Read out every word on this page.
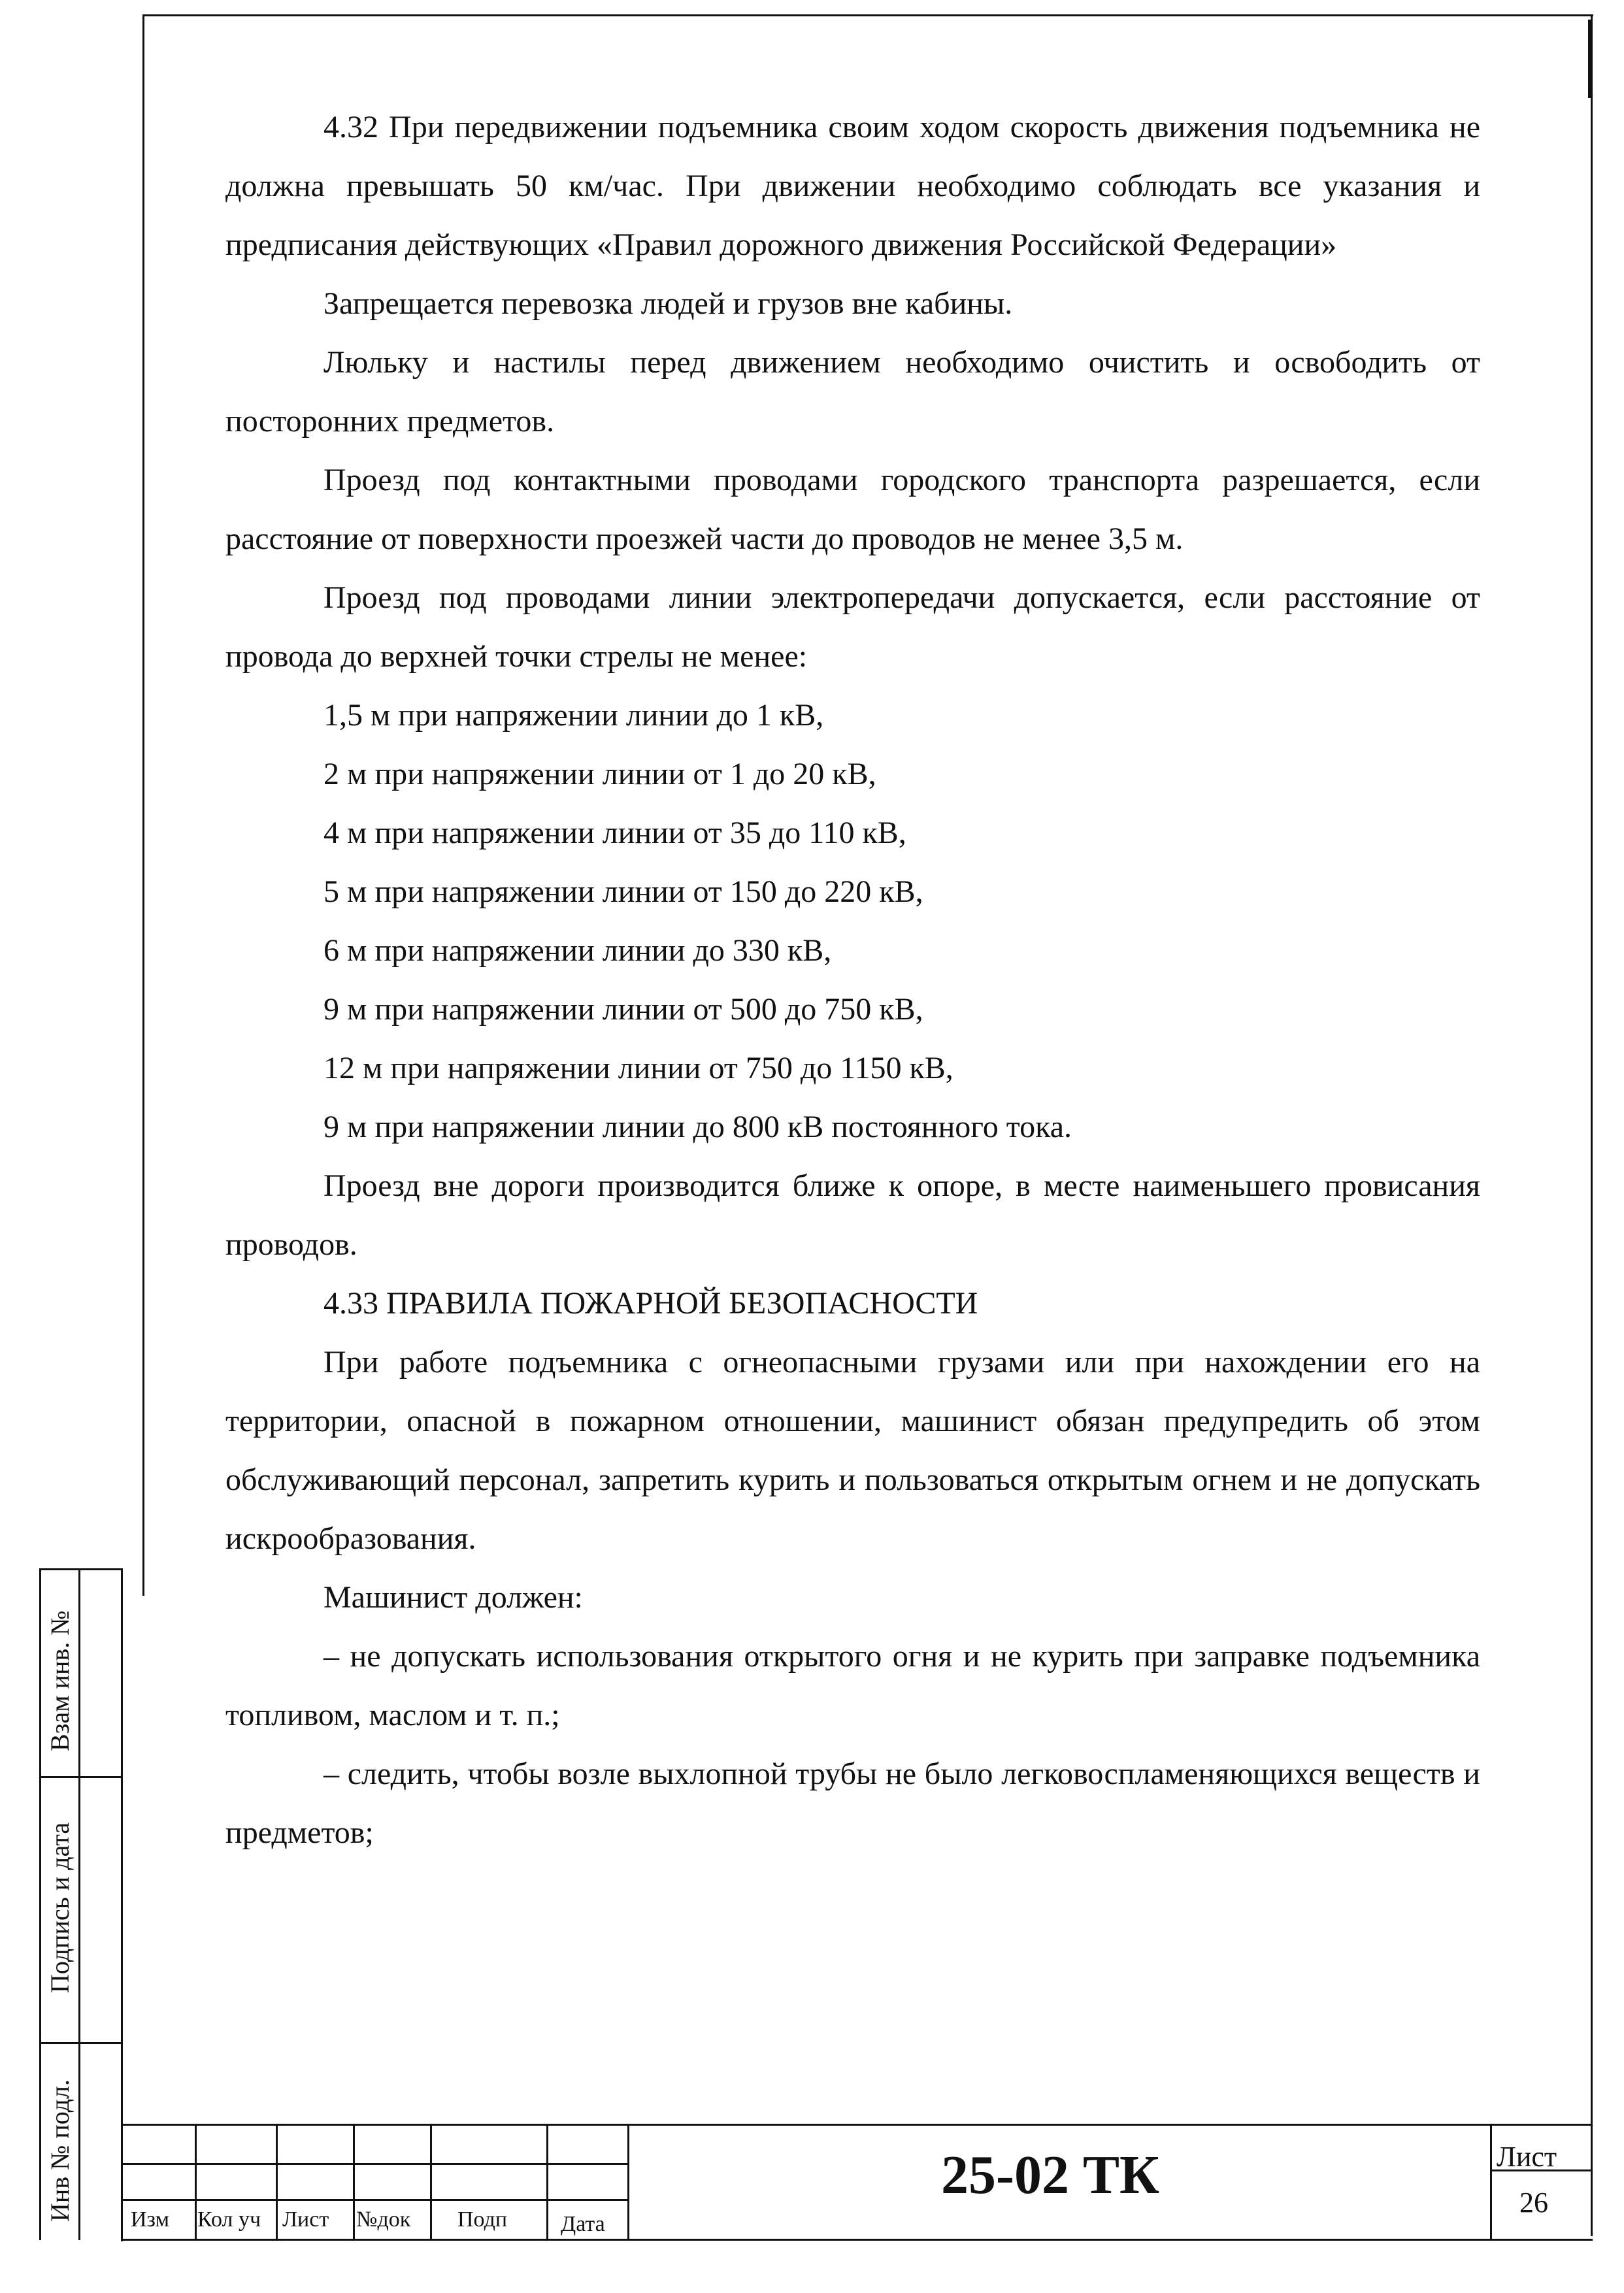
4.32 При передвижении подъемника своим ходом скорость движения подъемника не должна превышать 50 км/час. При движении необходимо соблюдать все указания и предписания действующих «Правил дорожного движения Российской Федерации»

Запрещается перевозка людей и грузов вне кабины.

Люльку и настилы перед движением необходимо очистить и освободить от посторонних предметов.

Проезд под контактными проводами городского транспорта разрешается, если расстояние от поверхности проезжей части до проводов не менее 3,5 м.

Проезд под проводами линии электропередачи допускается, если расстояние от провода до верхней точки стрелы не менее:

1,5 м при напряжении линии до 1 кВ,

2 м при напряжении линии от 1 до 20 кВ,

4 м при напряжении линии от 35 до 110 кВ,

5 м при напряжении линии от 150 до 220 кВ,

6 м при напряжении линии до 330 кВ,

9 м при напряжении линии от 500 до 750 кВ,

12 м при напряжении линии от 750 до 1150 кВ,

9 м при напряжении линии до 800 кВ постоянного тока.

Проезд вне дороги производится ближе к опоре, в месте наименьшего провисания проводов.

4.33 ПРАВИЛА ПОЖАРНОЙ БЕЗОПАСНОСТИ

При работе подъемника с огнеопасными грузами или при нахождении его на территории, опасной в пожарном отношении, машинист обязан предупредить об этом обслуживающий персонал, запретить курить и пользоваться открытым огнем и не допускать искрообразования.

Машинист должен:

– не допускать использования открытого огня и не курить при заправке подъемника топливом, маслом и т. п.;

– следить, чтобы возле выхлопной трубы не было легковоспламеняющихся веществ и предметов;

Взам инв. №
Подпись и дата
Инв № подл.	Изм Кол уч Лист №док Подп Дата
25-02 ТК	Лист
26
